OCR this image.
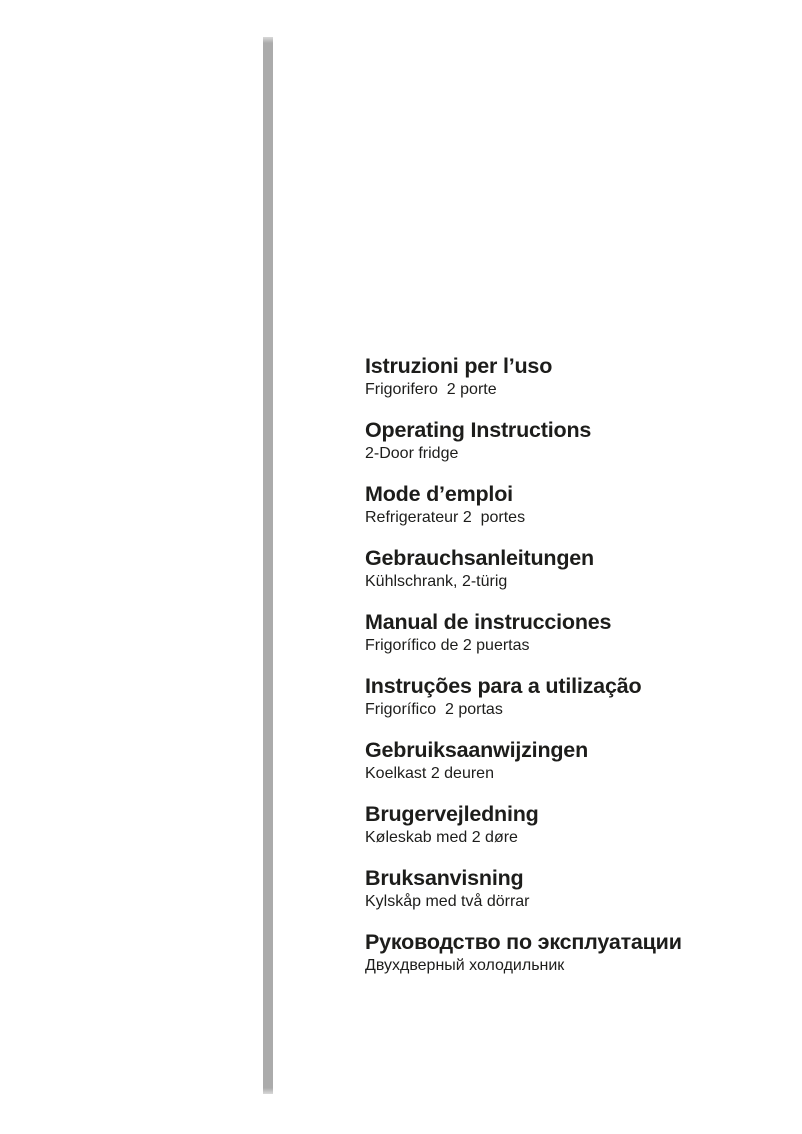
Istruzioni per l’uso

Frigorifero  2 porte

Operating Instructions

2-Door fridge

Mode d’emploi

Refrigerateur 2  portes

Gebrauchsanleitungen

Kühlschrank, 2-türig

Manual de instrucciones

Frigorífico de 2 puertas

Instruções para a utilização

Frigorífico  2 portas

Gebruiksaanwijzingen

Koelkast 2 deuren

Brugervejledning

Køleskab med 2 døre

Bruksanvisning

Kylskåp med två dörrar

Руководство по эксплуатации

Двухдверный холодильник
